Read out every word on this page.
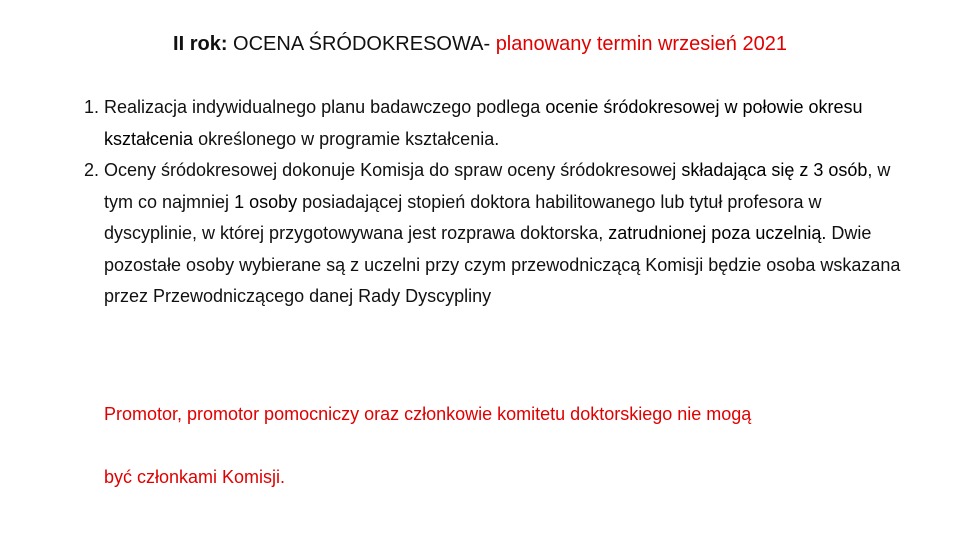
II rok: OCENA ŚRÓDOKRESOWA- planowany termin wrzesień 2021
1. Realizacja indywidualnego planu badawczego podlega ocenie śródokresowej w połowie okresu kształcenia określonego w programie kształcenia.
2. Oceny śródokresowej dokonuje Komisja do spraw oceny śródokresowej składająca się z 3 osób, w tym co najmniej 1 osoby posiadającej stopień doktora habilitowanego lub tytuł profesora w dyscyplinie, w której przygotowywana jest rozprawa doktorska, zatrudnionej poza uczelnią. Dwie pozostałe osoby wybierane są z uczelni przy czym przewodniczącą Komisji będzie osoba wskazana przez Przewodniczącego danej Rady Dyscypliny
Promotor, promotor pomocniczy oraz członkowie komitetu doktorskiego nie mogą
być członkami Komisji.
